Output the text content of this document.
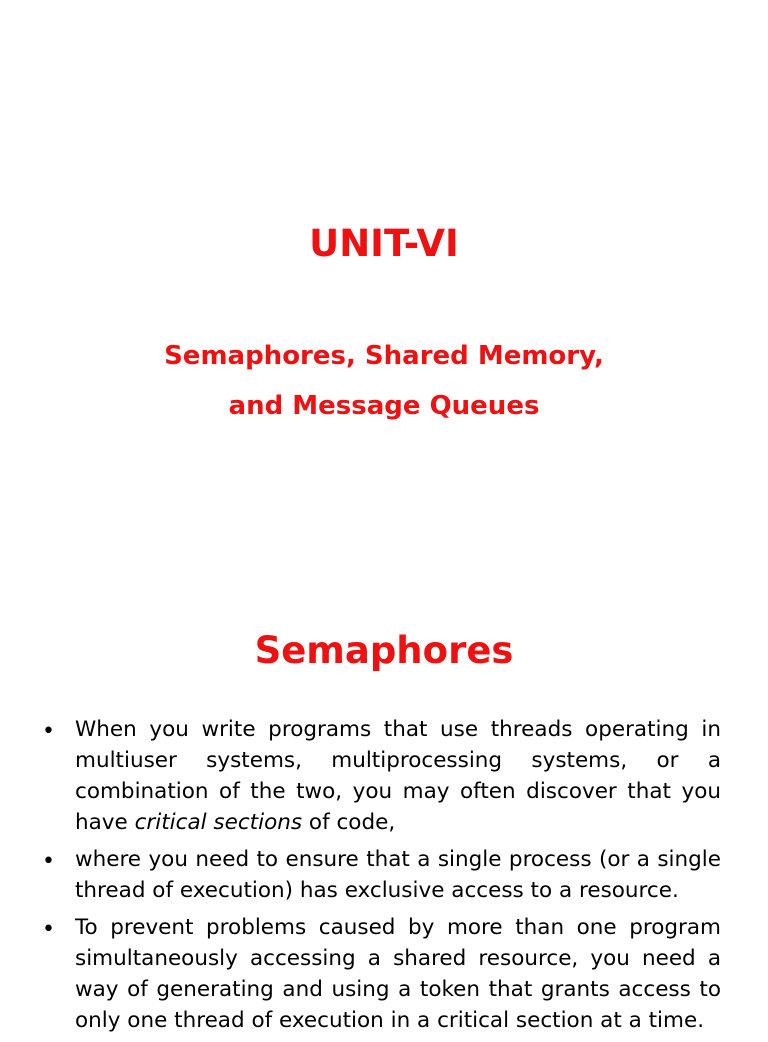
UNIT-VI
Semaphores, Shared Memory,
and Message Queues
Semaphores
• When you write programs that use threads operating in multiuser systems, multiprocessing systems, or a combination of the two, you may often discover that you have critical sections of code,
• where you need to ensure that a single process (or a single thread of execution) has exclusive access to a resource.
• To prevent problems caused by more than one program simultaneously accessing a shared resource, you need a way of generating and using a token that grants access to only one thread of execution in a critical section at a time.
